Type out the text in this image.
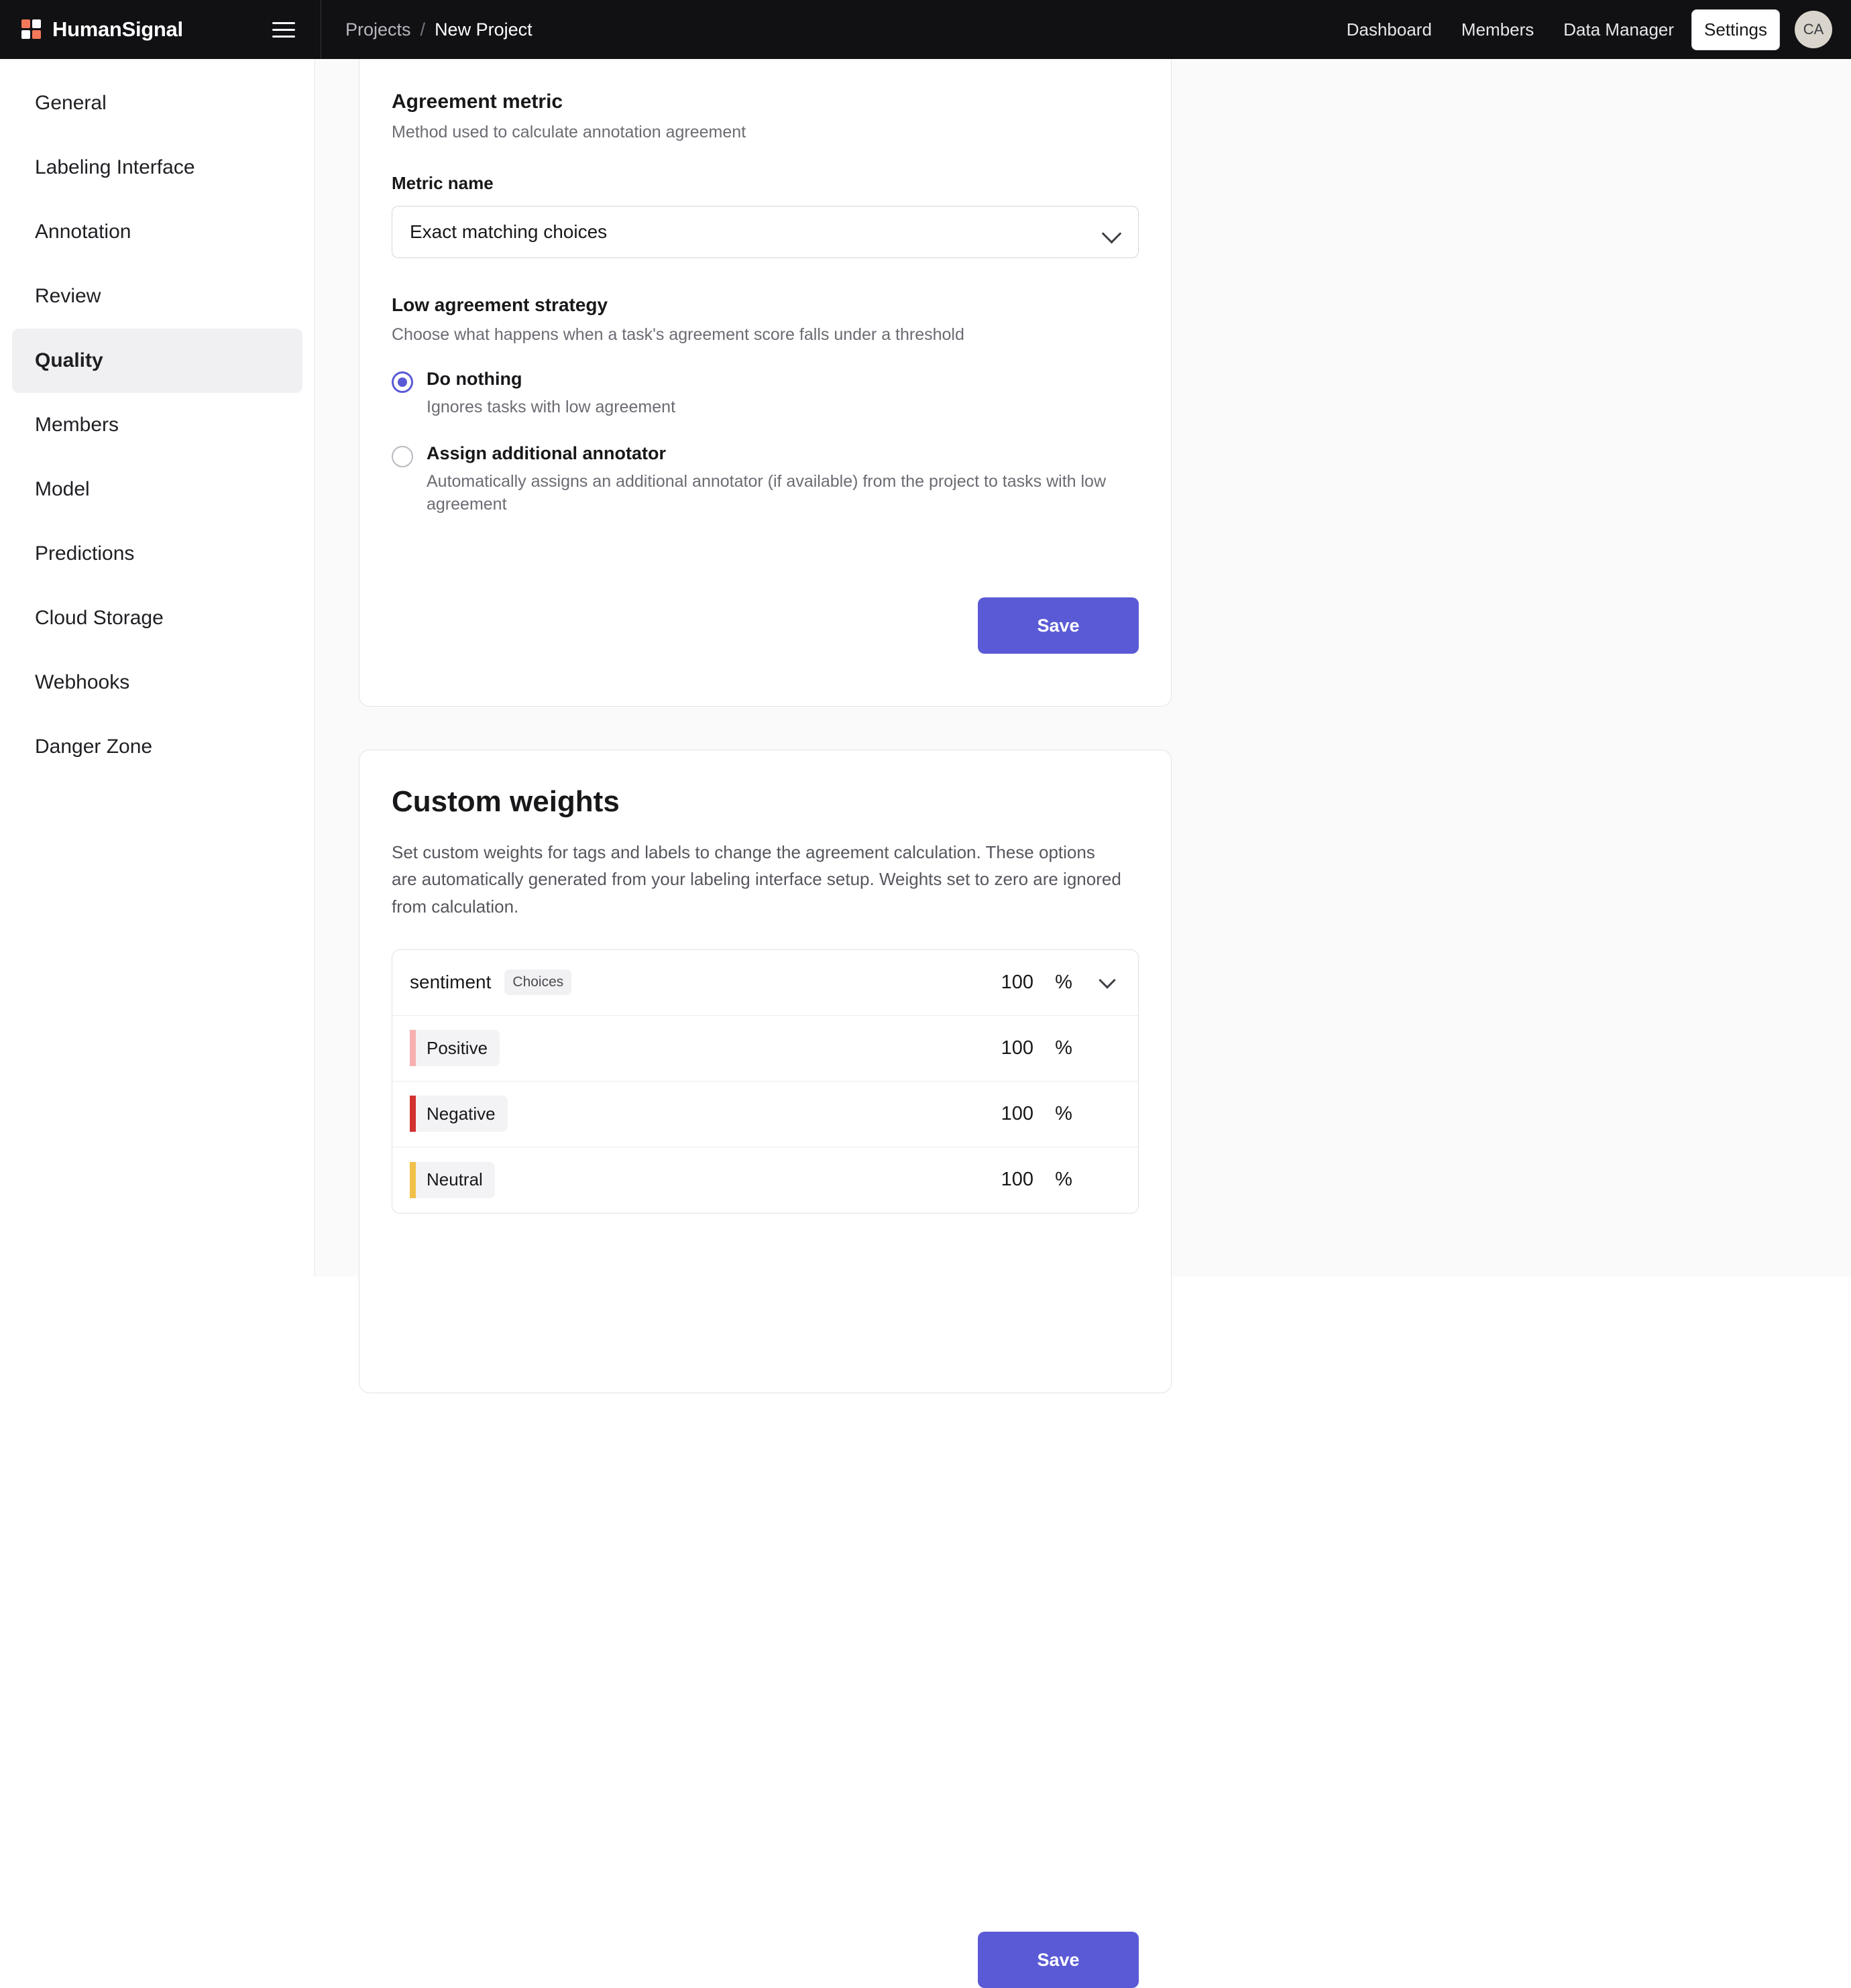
HumanSignal	Projects / New Project	Dashboard	Members	Data Manager	Settings	CA
General
Labeling Interface
Annotation
Review
Quality
Members
Model
Predictions
Cloud Storage
Webhooks
Danger Zone
Agreement metric
Method used to calculate annotation agreement
Metric name
Exact matching choices
Low agreement strategy
Choose what happens when a task's agreement score falls under a threshold
Do nothing
Ignores tasks with low agreement
Assign additional annotator
Automatically assigns an additional annotator (if available) from the project to tasks with low agreement
Save
Custom weights
Set custom weights for tags and labels to change the agreement calculation. These options are automatically generated from your labeling interface setup. Weights set to zero are ignored from calculation.
sentiment	Choices	100	%
Positive	100	%
Negative	100	%
Neutral	100	%
Save
